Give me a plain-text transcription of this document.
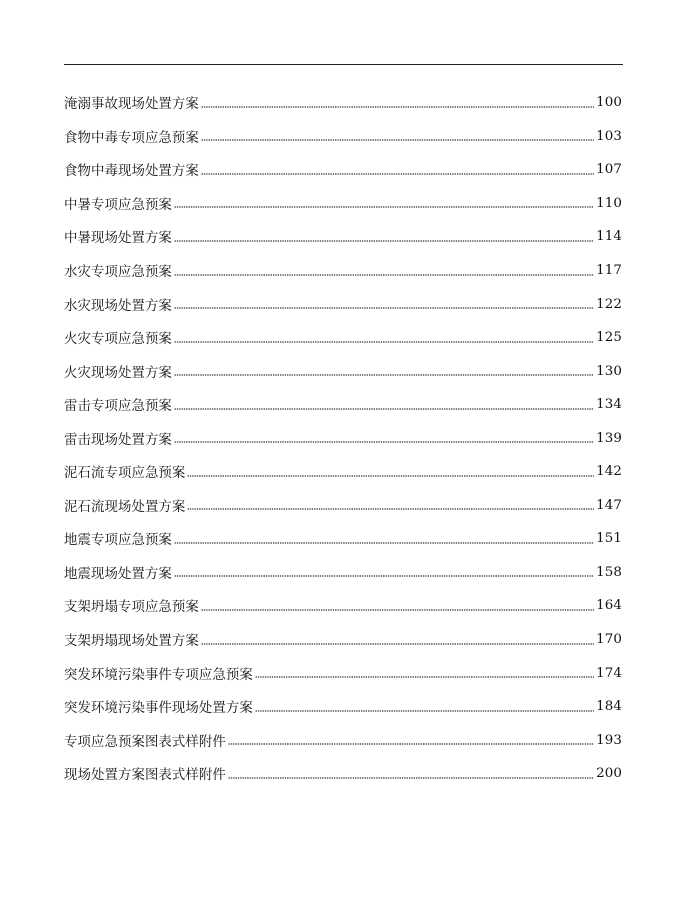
淹溺事故现场处置方案	100
食物中毒专项应急预案	103
食物中毒现场处置方案	107
中暑专项应急预案	110
中暑现场处置方案	114
水灾专项应急预案	117
水灾现场处置方案	122
火灾专项应急预案	125
火灾现场处置方案	130
雷击专项应急预案	134
雷击现场处置方案	139
泥石流专项应急预案	142
泥石流现场处置方案	147
地震专项应急预案	151
地震现场处置方案	158
支架坍塌专项应急预案	164
支架坍塌现场处置方案	170
突发环境污染事件专项应急预案	174
突发环境污染事件现场处置方案	184
专项应急预案图表式样附件	193
现场处置方案图表式样附件	200
